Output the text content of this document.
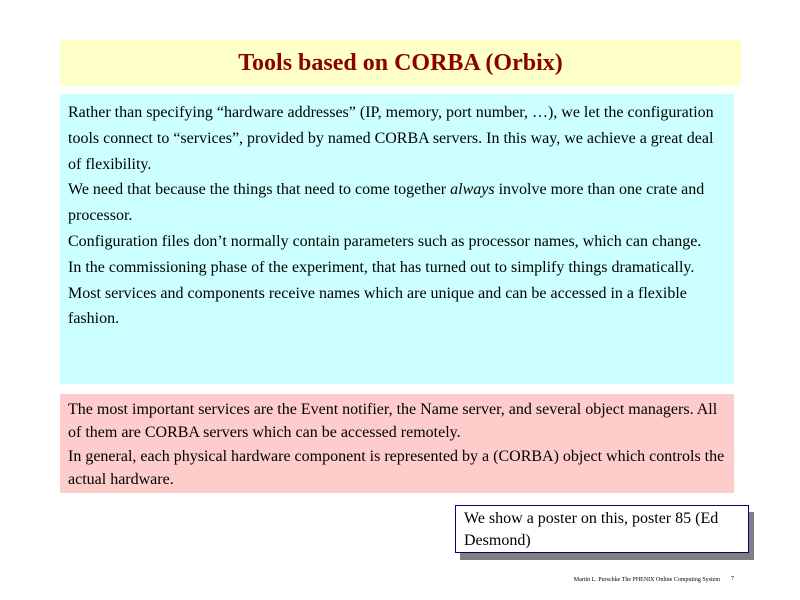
Tools based on CORBA (Orbix)

Rather than specifying “hardware addresses” (IP, memory, port number, …), we let the configuration tools connect to “services”, provided by named CORBA servers. In this way, we achieve a great deal of flexibility.

We need that because the things that need to come together always involve more than one crate and processor.

Configuration files don’t normally contain parameters such as processor names, which can change.

In the commissioning phase of the experiment, that has turned out to simplify things dramatically.

Most services and components receive names which are unique and can be accessed in a flexible fashion.

The most important services are the Event notifier, the Name server, and several object managers. All of them are CORBA servers which can be accessed remotely.

In general, each physical hardware component is represented by a (CORBA) object which controls the actual hardware.

We show a poster on this, poster 85 (Ed Desmond)
Martin L. Purschke The PHENIX Online Computing System 7
